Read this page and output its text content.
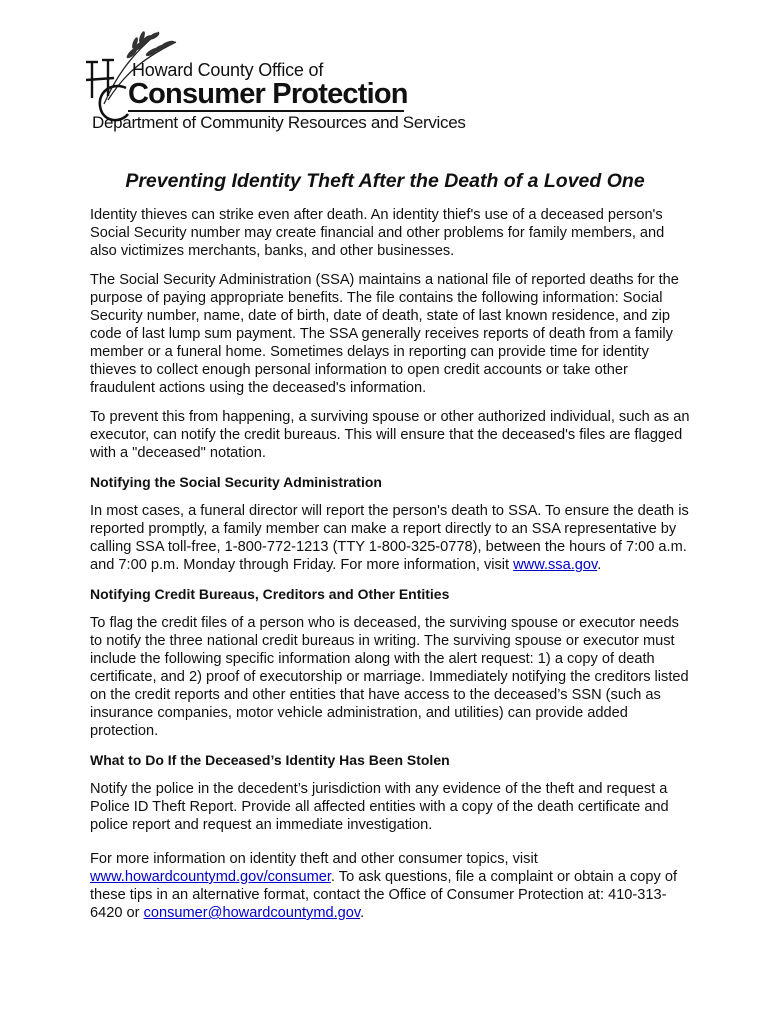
Howard County Office of
Consumer Protection
Department of Community Resources and Services
Preventing Identity Theft After the Death of a Loved One

Identity thieves can strike even after death. An identity thief's use of a deceased person's Social Security number may create financial and other problems for family members, and also victimizes merchants, banks, and other businesses.

The Social Security Administration (SSA) maintains a national file of reported deaths for the purpose of paying appropriate benefits. The file contains the following information: Social Security number, name, date of birth, date of death, state of last known residence, and zip code of last lump sum payment. The SSA generally receives reports of death from a family member or a funeral home. Sometimes delays in reporting can provide time for identity thieves to collect enough personal information to open credit accounts or take other fraudulent actions using the deceased's information.

To prevent this from happening, a surviving spouse or other authorized individual, such as an executor, can notify the credit bureaus. This will ensure that the deceased's files are flagged with a "deceased" notation.

Notifying the Social Security Administration

In most cases, a funeral director will report the person's death to SSA. To ensure the death is reported promptly, a family member can make a report directly to an SSA representative by calling SSA toll-free, 1-800-772-1213 (TTY 1-800-325-0778), between the hours of 7:00 a.m. and 7:00 p.m. Monday through Friday. For more information, visit www.ssa.gov.

Notifying Credit Bureaus, Creditors and Other Entities

To flag the credit files of a person who is deceased, the surviving spouse or executor needs to notify the three national credit bureaus in writing. The surviving spouse or executor must include the following specific information along with the alert request: 1) a copy of death certificate, and 2) proof of executorship or marriage. Immediately notifying the creditors listed on the credit reports and other entities that have access to the deceased’s SSN (such as insurance companies, motor vehicle administration, and utilities) can provide added protection.

What to Do If the Deceased’s Identity Has Been Stolen

Notify the police in the decedent’s jurisdiction with any evidence of the theft and request a Police ID Theft Report. Provide all affected entities with a copy of the death certificate and police report and request an immediate investigation.

For more information on identity theft and other consumer topics, visit www.howardcountymd.gov/consumer. To ask questions, file a complaint or obtain a copy of these tips in an alternative format, contact the Office of Consumer Protection at: 410-313-6420 or consumer@howardcountymd.gov.
